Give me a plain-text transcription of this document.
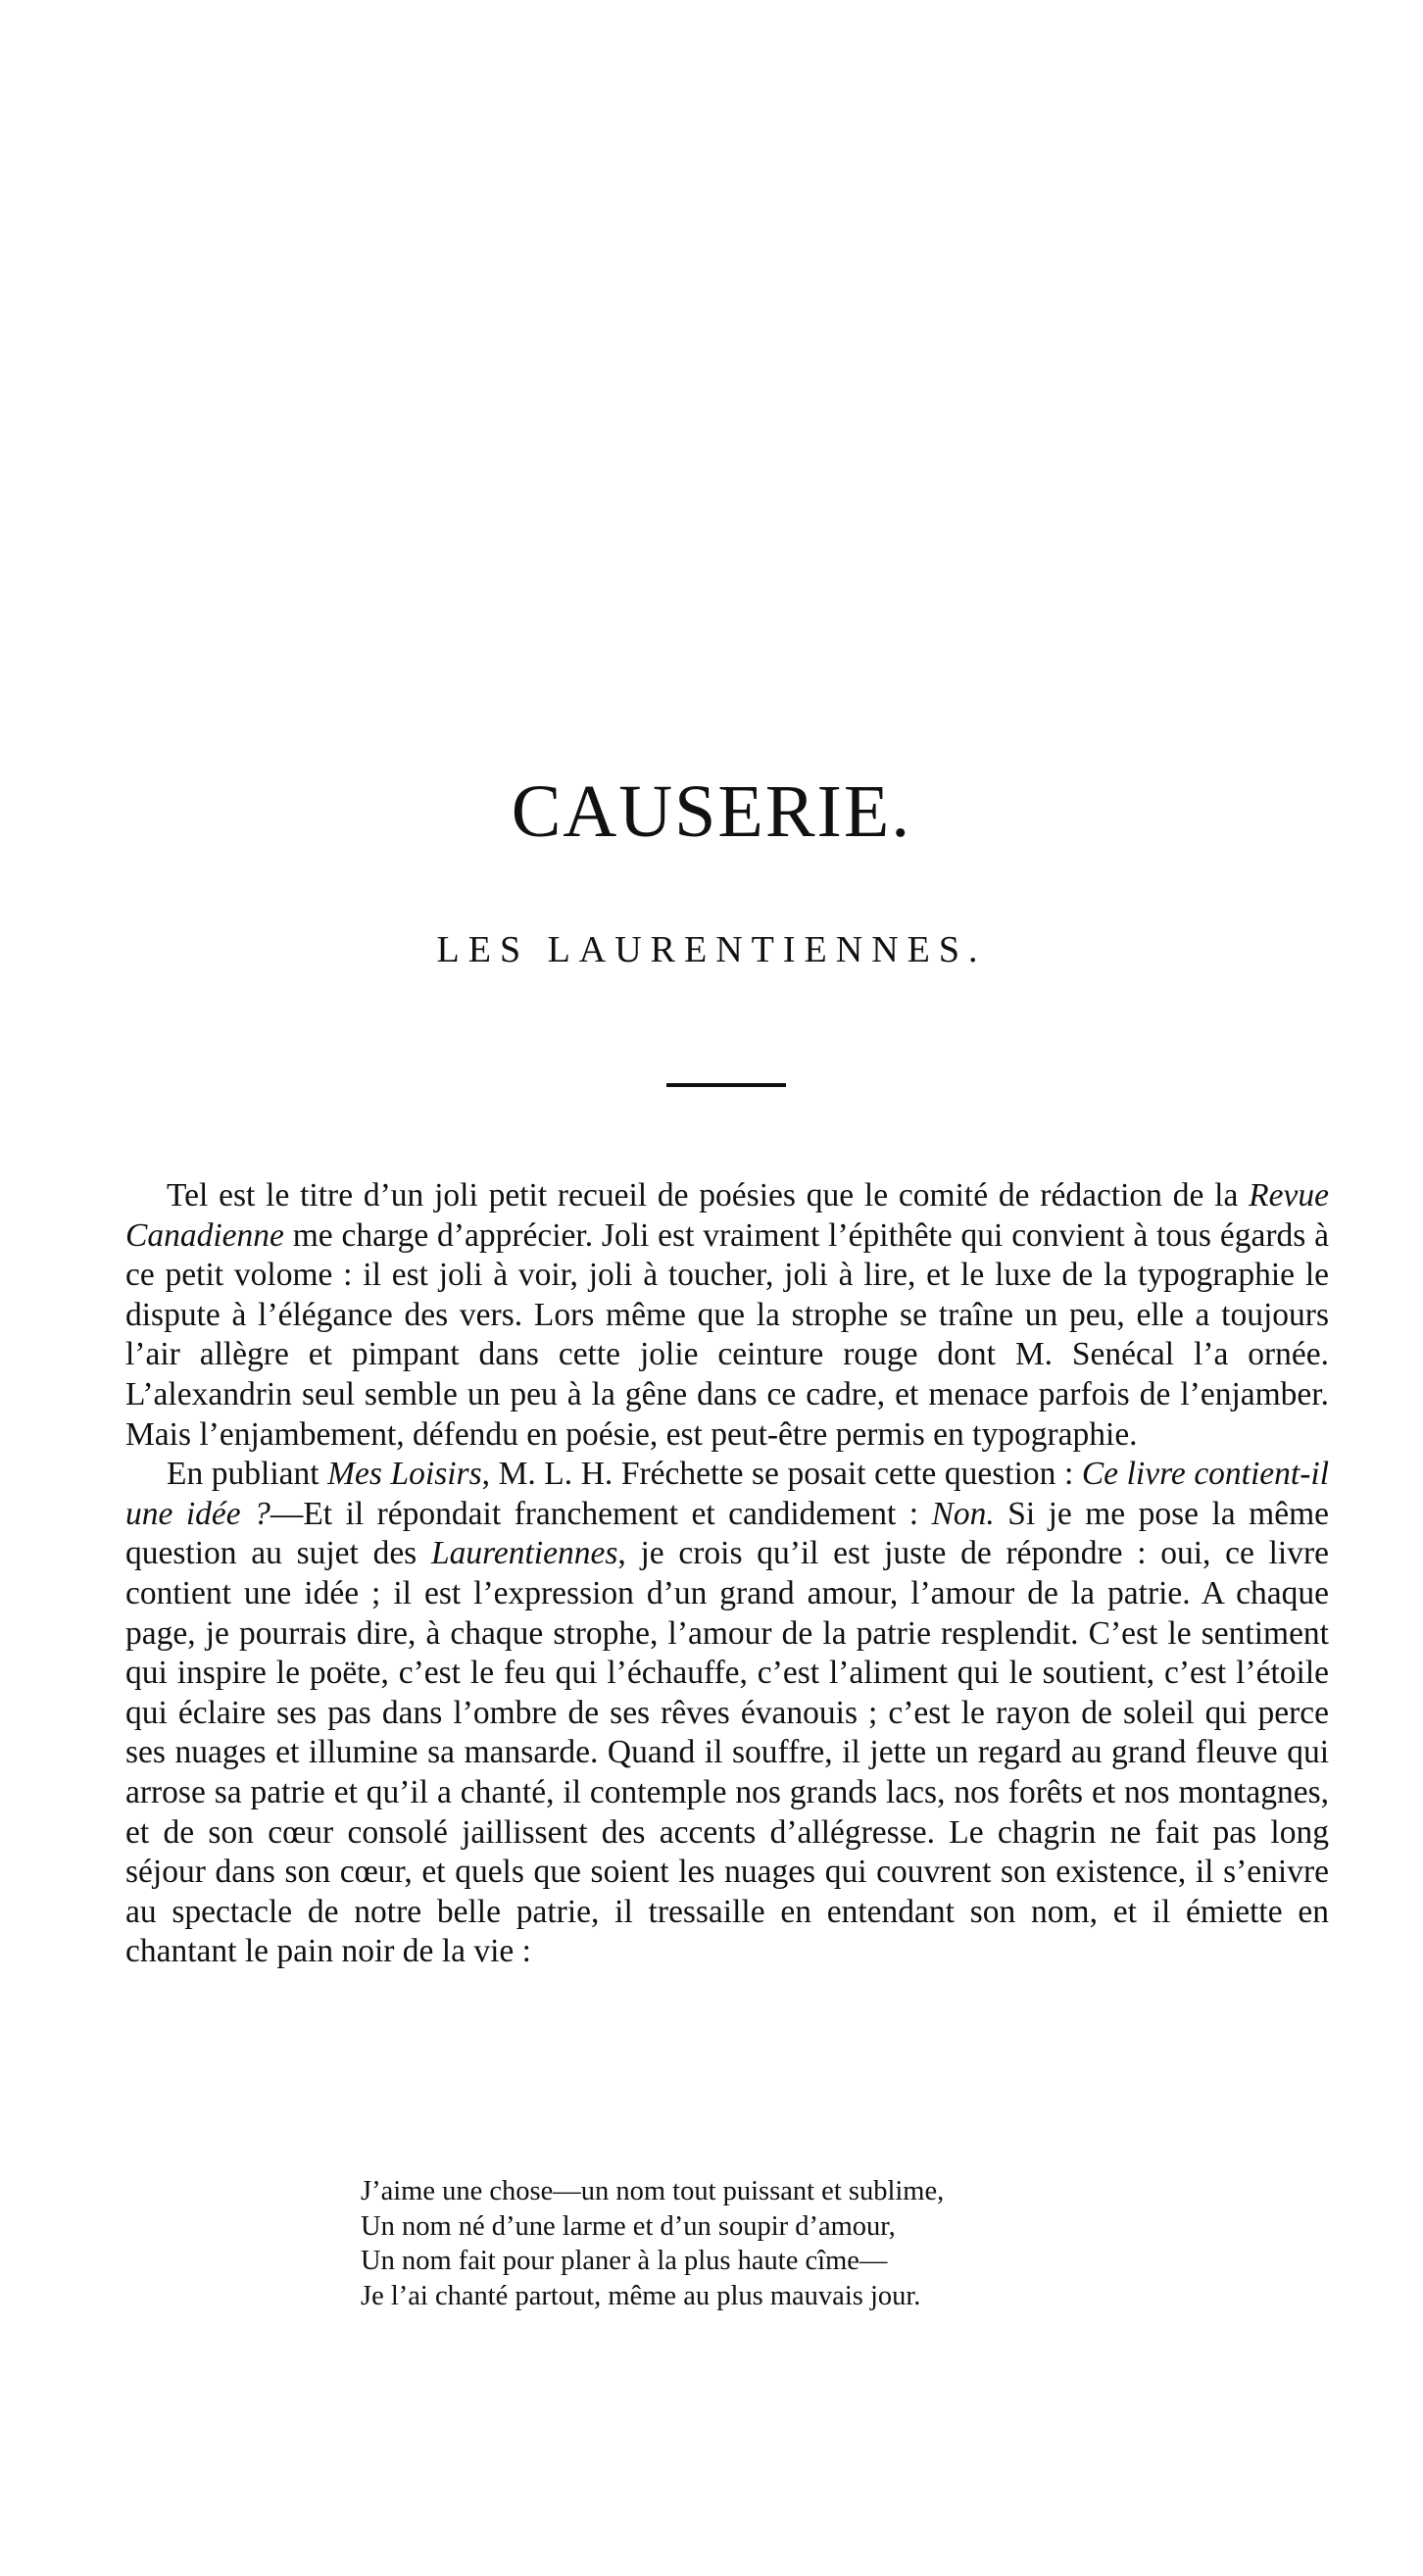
CAUSERIE.
LES LAURENTIENNES.

Tel est le titre d’un joli petit recueil de poésies que le comité de rédaction de la Revue Canadienne me charge d’apprécier. Joli est vraiment l’épithête qui convient à tous égards à ce petit volome : il est joli à voir, joli à toucher, joli à lire, et le luxe de la typographie le dispute à l’élégance des vers. Lors même que la strophe se traîne un peu, elle a toujours l’air allègre et pimpant dans cette jolie ceinture rouge dont M. Senécal l’a ornée. L’alexandrin seul semble un peu à la gêne dans ce cadre, et menace parfois de l’enjamber. Mais l’enjambement, défendu en poésie, est peut-être permis en typographie.

En publiant Mes Loisirs, M. L. H. Fréchette se posait cette question : Ce livre contient-il une idée ?—Et il répondait franchement et candidement : Non. Si je me pose la même question au sujet des Laurentiennes, je crois qu’il est juste de répondre : oui, ce livre contient une idée ; il est l’expression d’un grand amour, l’amour de la patrie. A chaque page, je pourrais dire, à chaque strophe, l’amour de la patrie resplendit. C’est le sentiment qui inspire le poëte, c’est le feu qui l’échauffe, c’est l’aliment qui le soutient, c’est l’étoile qui éclaire ses pas dans l’ombre de ses rêves évanouis ; c’est le rayon de soleil qui perce ses nuages et illumine sa mansarde. Quand il souffre, il jette un regard au grand fleuve qui arrose sa patrie et qu’il a chanté, il contemple nos grands lacs, nos forêts et nos montagnes, et de son cœur consolé jaillissent des accents d’allégresse. Le chagrin ne fait pas long séjour dans son cœur, et quels que soient les nuages qui couvrent son existence, il s’enivre au spectacle de notre belle patrie, il tressaille en entendant son nom, et il émiette en chantant le pain noir de la vie :

J’aime une chose—un nom tout puissant et sublime,
Un nom né d’une larme et d’un soupir d’amour,
Un nom fait pour planer à la plus haute cîme—
Je l’ai chanté partout, même au plus mauvais jour.
